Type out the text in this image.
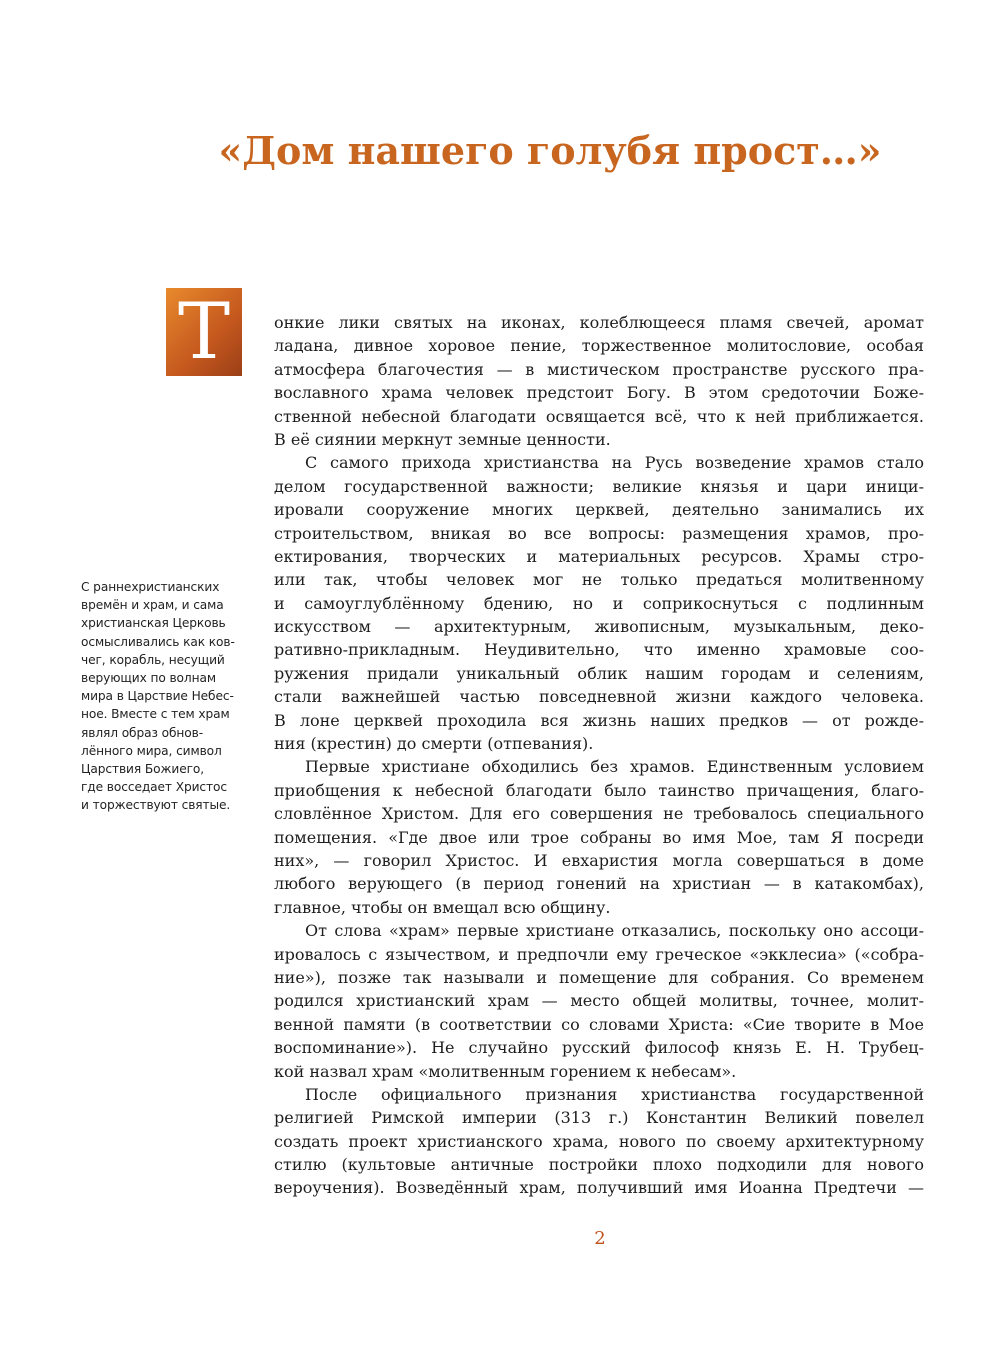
«Дом нашего голубя прост…»
Т
С раннехристианских
времён и храм, и сама
христианская Церковь
осмысливались как ков-
чег, корабль, несущий
верующих по волнам
мира в Царствие Небес-
ное. Вместе с тем храм
являл образ обнов-
лённого мира, символ
Царствия Божиего,
где восседает Христос
и торжествуют святые.
онкие лики святых на иконах, колеблющееся пламя свечей, аромат
ладана, дивное хоровое пение, торжественное молитословие, особая
атмосфера благочестия — в мистическом пространстве русского пра-
вославного храма человек предстоит Богу. В этом средоточии Боже-
ственной небесной благодати освящается всё, что к ней приближается.
В её сиянии меркнут земные ценности.
С самого прихода христианства на Русь возведение храмов стало
делом государственной важности; великие князья и цари иници-
ировали сооружение многих церквей, деятельно занимались их
строительством, вникая во все вопросы: размещения храмов, про-
ектирования, творческих и материальных ресурсов. Храмы стро-
или так, чтобы человек мог не только предаться молитвенному
и самоуглублённому бдению, но и соприкоснуться с подлинным
искусством — архитектурным, живописным, музыкальным, деко-
ративно-прикладным. Неудивительно, что именно храмовые соо-
ружения придали уникальный облик нашим городам и селениям,
стали важнейшей частью повседневной жизни каждого человека.
В лоне церквей проходила вся жизнь наших предков — от рожде-
ния (крестин) до смерти (отпевания).
Первые христиане обходились без храмов. Единственным условием
приобщения к небесной благодати было таинство причащения, благо-
словлённое Христом. Для его совершения не требовалось специального
помещения. «Где двое или трое собраны во имя Мое, там Я посреди
них», — говорил Христос. И евхаристия могла совершаться в доме
любого верующего (в период гонений на христиан — в катакомбах),
главное, чтобы он вмещал всю общину.
От слова «храм» первые христиане отказались, поскольку оно ассоци-
ировалось с язычеством, и предпочли ему греческое «экклесиа» («собра-
ние»), позже так называли и помещение для собрания. Со временем
родился христианский храм — место общей молитвы, точнее, молит-
венной памяти (в соответствии со словами Христа: «Сие творите в Мое
воспоминание»). Не случайно русский философ князь Е. Н. Трубец-
кой назвал храм «молитвенным горением к небесам».
После официального признания христианства государственной
религией Римской империи (313 г.) Константин Великий повелел
создать проект христианского храма, нового по своему архитектурному
стилю (культовые античные постройки плохо подходили для нового
вероучения). Возведённый храм, получивший имя Иоанна Предтечи —
2
